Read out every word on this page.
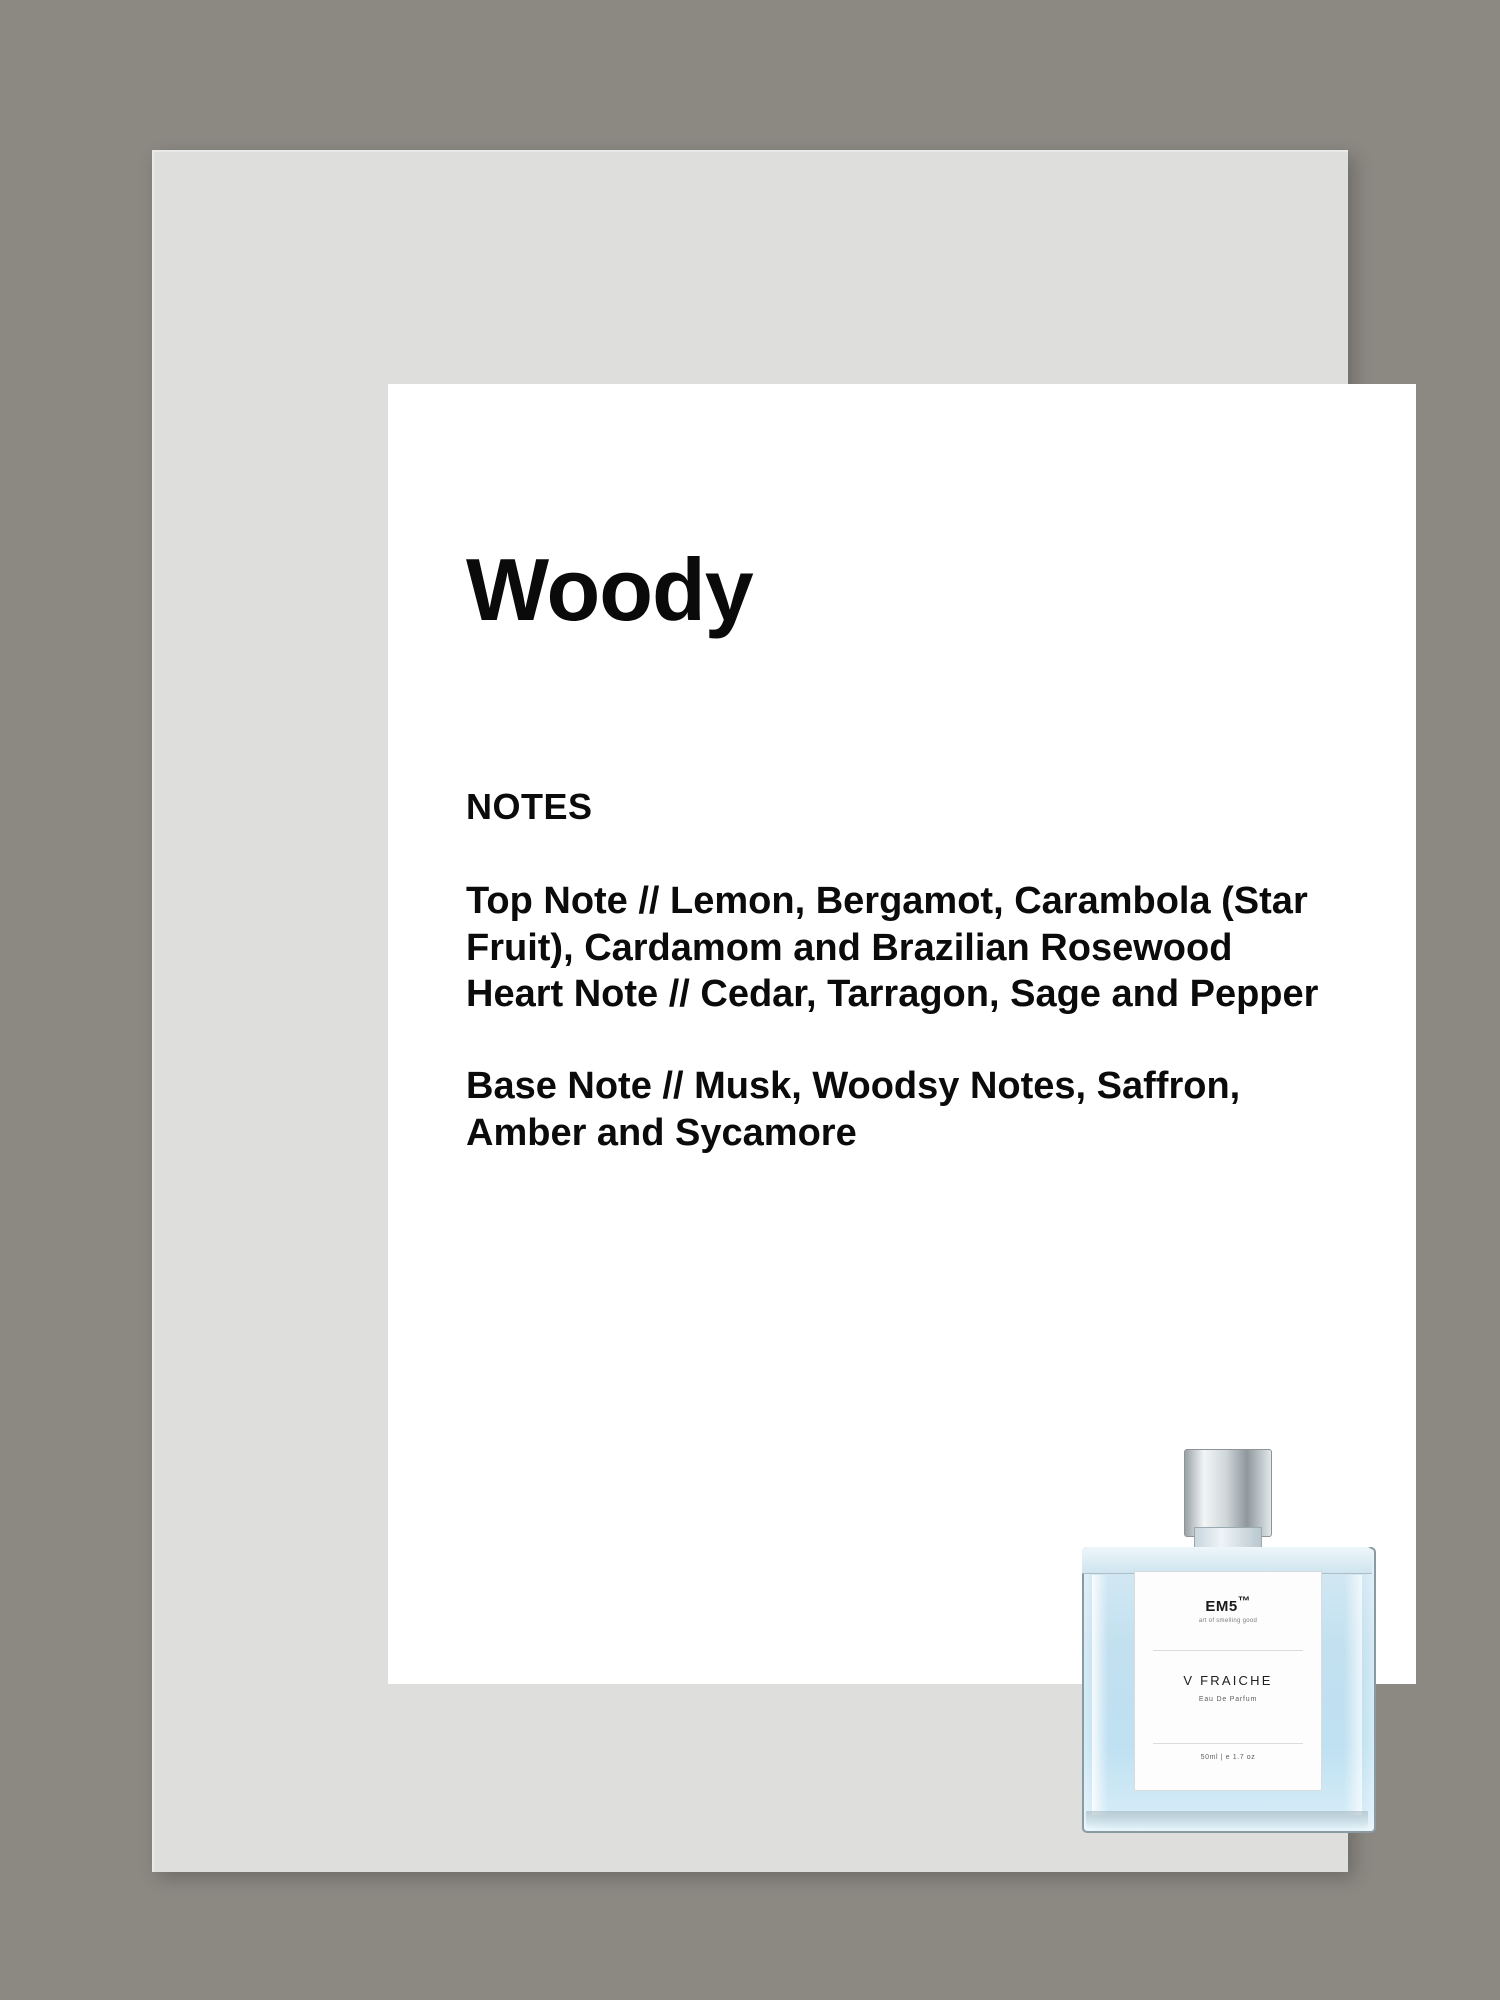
Woody
NOTES
Top Note // Lemon, Bergamot, Carambola (Star Fruit), Cardamom and Brazilian Rosewood
Heart Note // Cedar, Tarragon, Sage and Pepper
Base Note // Musk, Woodsy Notes, Saffron, Amber and Sycamore
EM5™
art of smelling good
V FRAICHE
Eau De Parfum
50ml | e 1.7 oz
